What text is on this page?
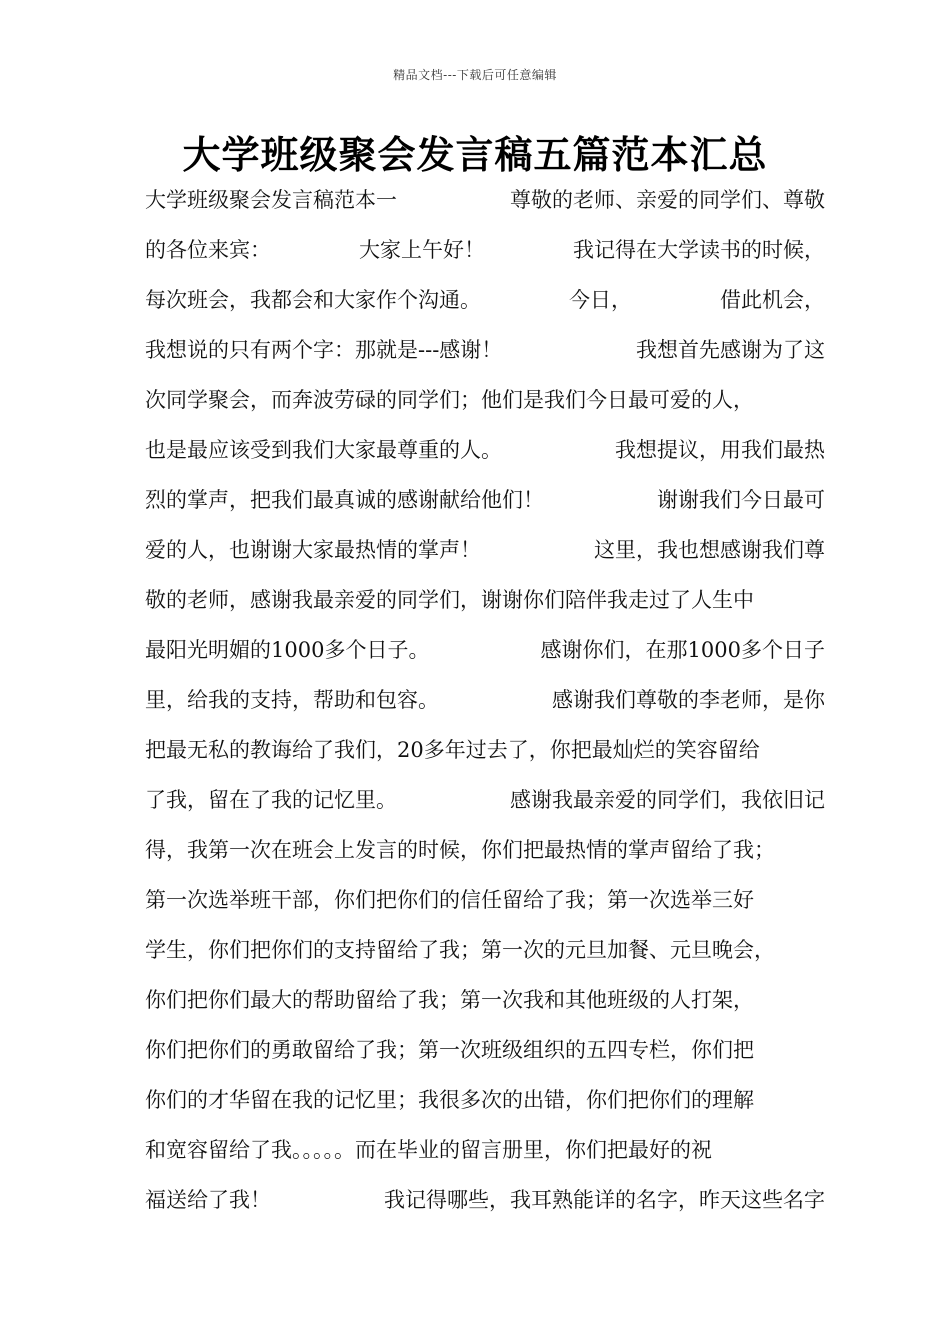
精品文档---下载后可任意编辑
大学班级聚会发言稿五篇范本汇总
大学班级聚会发言稿范本一	尊敬的老师、亲爱的同学们、尊敬
的各位来宾：	大家上午好！	我记得在大学读书的时候，
每次班会，我都会和大家作个沟通。	今日，	借此机会，
我想说的只有两个字：那就是---感谢！	我想首先感谢为了这
次同学聚会，而奔波劳碌的同学们；他们是我们今日最可爱的人，
也是最应该受到我们大家最尊重的人。	我想提议，用我们最热
烈的掌声，把我们最真诚的感谢献给他们！	谢谢我们今日最可
爱的人，也谢谢大家最热情的掌声！	这里，我也想感谢我们尊
敬的老师，感谢我最亲爱的同学们，谢谢你们陪伴我走过了人生中
最阳光明媚的1000多个日子。	感谢你们，在那1000多个日子
里，给我的支持，帮助和包容。	感谢我们尊敬的李老师，是你
把最无私的教诲给了我们，20多年过去了，你把最灿烂的笑容留给
了我，留在了我的记忆里。	感谢我最亲爱的同学们，我依旧记
得，我第一次在班会上发言的时候，你们把最热情的掌声留给了我；
第一次选举班干部，你们把你们的信任留给了我；第一次选举三好
学生，你们把你们的支持留给了我；第一次的元旦加餐、元旦晚会，
你们把你们最大的帮助留给了我；第一次我和其他班级的人打架，
你们把你们的勇敢留给了我；第一次班级组织的五四专栏，你们把
你们的才华留在我的记忆里；我很多次的出错，你们把你们的理解
和宽容留给了我。。。。。而在毕业的留言册里，你们把最好的祝
福送给了我！	我记得哪些，我耳熟能详的名字，昨天这些名字
